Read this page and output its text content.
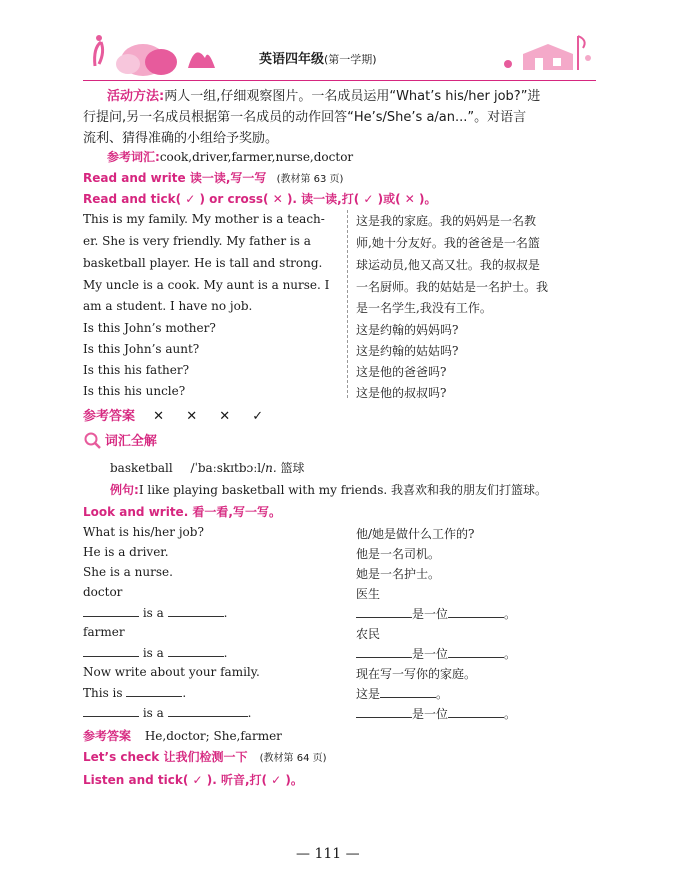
英语四年级(第一学期)
活动方法:两人一组,仔细观察图片。一名成员运用“What’s his/her job?”进
行提问,另一名成员根据第一名成员的动作回答“He’s/She’s a/an...”。对语言
流利、猜得准确的小组给予奖励。
参考词汇:cook,driver,farmer,nurse,doctor
Read and write 读一读,写一写 (教材第 63 页)
Read and tick( ✓ ) or cross( ✕ ). 读一读,打( ✓ )或( ✕ )。
This is my family. My mother is a teach-
er. She is very friendly. My father is a
basketball player. He is tall and strong.
My uncle is a cook. My aunt is a nurse. I
am a student. I have no job.
Is this John’s mother?
Is this John’s aunt?
Is this his father?
Is this his uncle?
这是我的家庭。我的妈妈是一名教
师,她十分友好。我的爸爸是一名篮
球运动员,他又高又壮。我的叔叔是
一名厨师。我的姑姑是一名护士。我
是一名学生,我没有工作。
这是约翰的妈妈吗?
这是约翰的姑姑吗?
这是他的爸爸吗?
这是他的叔叔吗?
参考答案 ✕ ✕ ✕ ✓
词汇全解
basketball /ˈbaːskɪtbɔːl/n. 篮球
例句:I like playing basketball with my friends. 我喜欢和我的朋友们打篮球。
Look and write. 看一看,写一写。
What is his/her job?
He is a driver.
She is a nurse.
doctor
is a	.
farmer
is a	.
Now write about your family.
This is	.
is a	.
他/她是做什么工作的?
他是一名司机。
她是一名护士。
医生
是一位	。
农民
是一位	。
现在写一写你的家庭。
这是	。
是一位	。
参考答案 He,doctor; She,farmer
Let’s check 让我们检测一下 (教材第 64 页)
Listen and tick( ✓ ). 听音,打( ✓ )。
— 111 —
